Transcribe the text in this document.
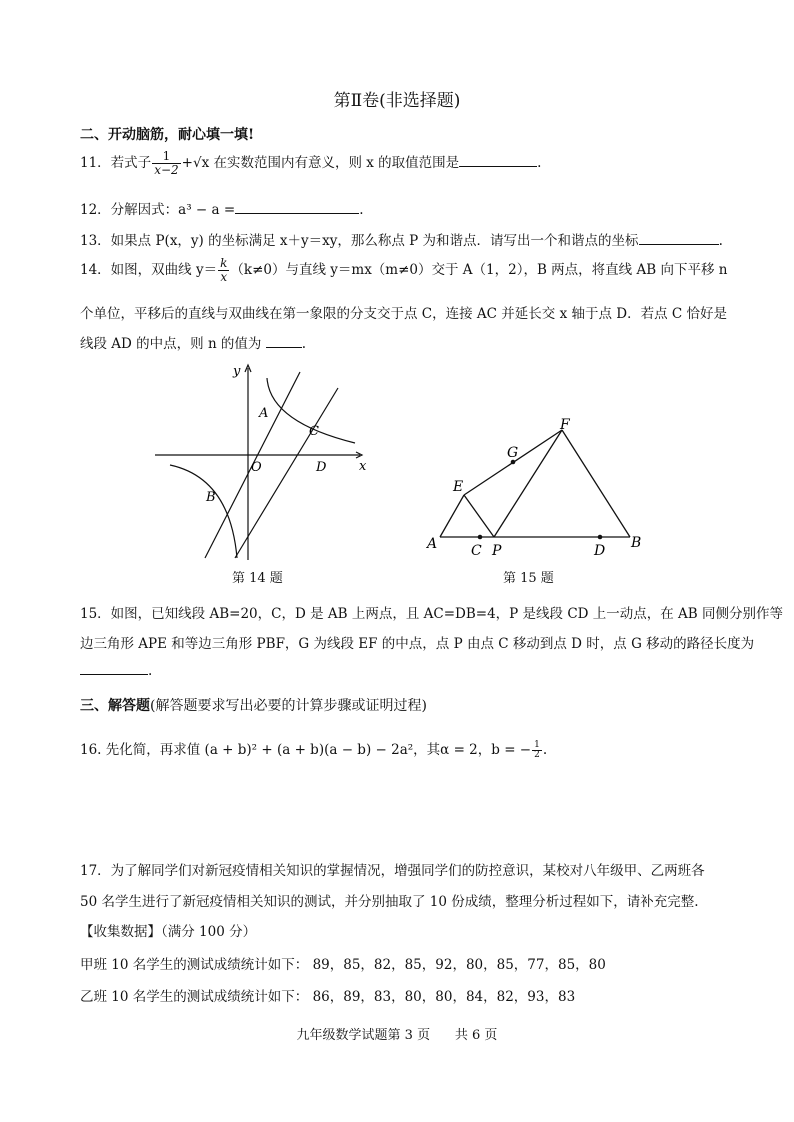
第Ⅱ卷(非选择题)
二、开动脑筋，耐心填一填!
11．若式子 $\frac{1}{x-2} +√x$ 在实数范围内有意义，则 x 的取值范围是	.
12．分解因式：a³ − a =	.
13．如果点 P(x，y) 的坐标满足 x＋y＝xy，那么称点 P 为和谐点．请写出一个和谐点的坐标	.
14．如图，双曲线 $y= \frac{k}{x} (k\ne 0)$与直线 y＝mx（m≠0）交于 A（1，2），B 两点，将直线 AB 向下平移 n
个单位，平移后的直线与双曲线在第一象限的分支交于点 C，连接 AC 并延长交 x 轴于点 D．若点 C 恰好是
线段 AD 的中点，则 n 的值为	.
y
x
O
A
B
C
D
第 14 题
A	B
C	D
E
F
G
P
第 15 题
15．如图，已知线段 AB=20，C，D 是 AB 上两点，且 AC=DB=4，P 是线段 CD 上一动点，在 AB 同侧分别作等
边三角形 APE 和等边三角形 PBF，G 为线段 EF 的中点，点 P 由点 C 移动到点 D 时，点 G 移动的路径长度为
.
三、解答题(解答题要求写出必要的计算步骤或证明过程)
16. 先化简，再求值 (a + b)² + (a + b)(a − b) − 2a²，其α = 2，b = − $\frac{1}{2}$ .
17．为了解同学们对新冠疫情相关知识的掌握情况，增强同学们的防控意识，某校对八年级甲、乙两班各
50 名学生进行了新冠疫情相关知识的测试，并分别抽取了 10 份成绩，整理分析过程如下，请补充完整.
【收集数据】（满分 100 分）
甲班 10 名学生的测试成绩统计如下： 89，85，82，85，92，80，85，77，85，80
乙班 10 名学生的测试成绩统计如下： 86，89，83，80，80，84，82，93，83
九年级数学试题第 3 页 共 6 页
